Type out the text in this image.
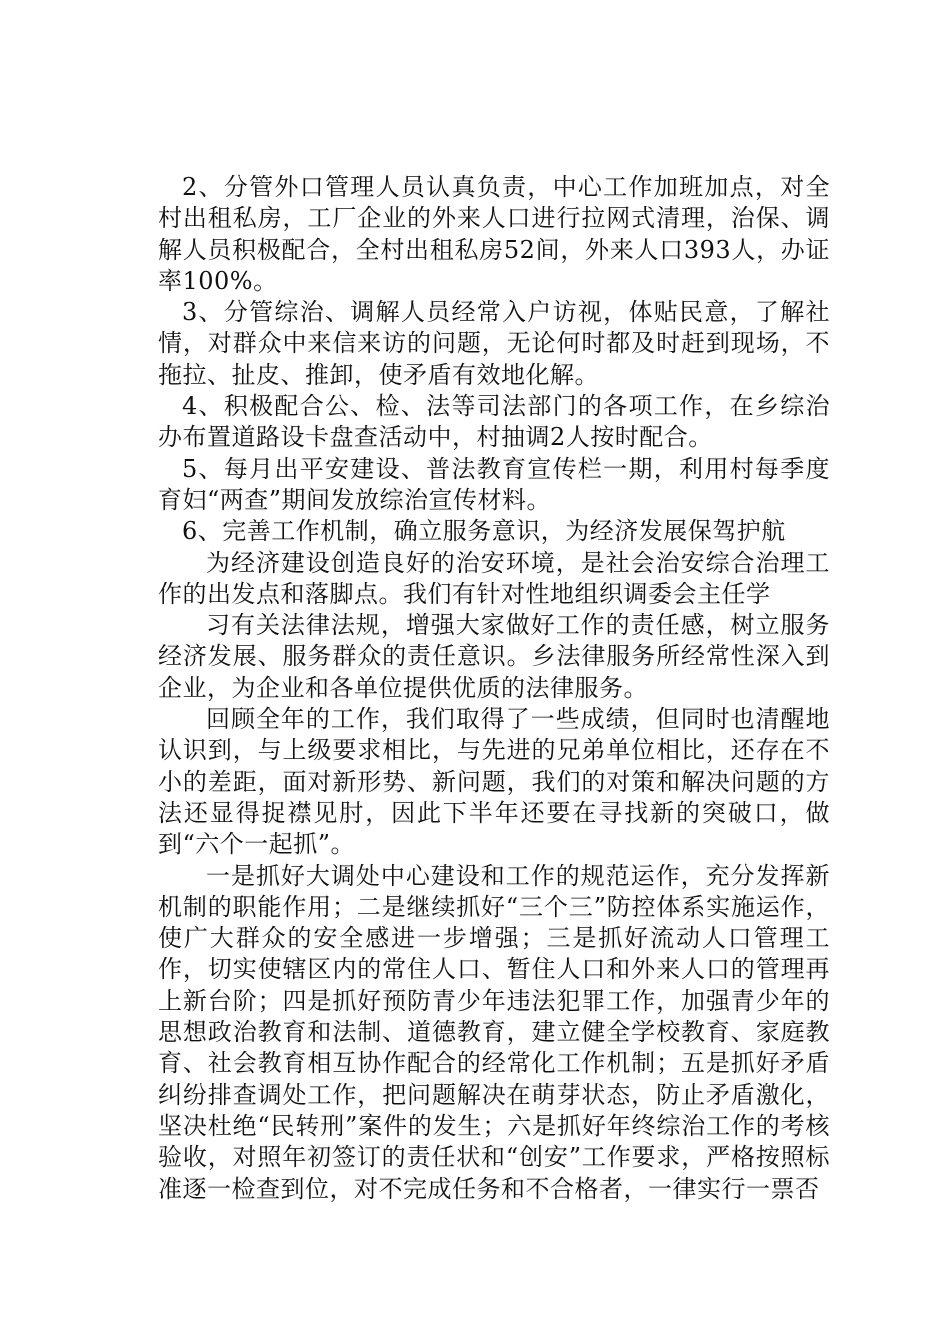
2、分管外口管理人员认真负责，中心工作加班加点，对全村出租私房，工厂企业的外来人口进行拉网式清理，治保、调解人员积极配合，全村出租私房52间，外来人口393人，办证率100%。

3、分管综治、调解人员经常入户访视，体贴民意，了解社情，对群众中来信来访的问题，无论何时都及时赶到现场，不拖拉、扯皮、推卸，使矛盾有效地化解。

4、积极配合公、检、法等司法部门的各项工作，在乡综治办布置道路设卡盘查活动中，村抽调2人按时配合。

5、每月出平安建设、普法教育宣传栏一期，利用村每季度育妇“两查”期间发放综治宣传材料。

6、完善工作机制，确立服务意识，为经济发展保驾护航

为经济建设创造良好的治安环境，是社会治安综合治理工作的出发点和落脚点。我们有针对性地组织调委会主任学

习有关法律法规，增强大家做好工作的责任感，树立服务经济发展、服务群众的责任意识。乡法律服务所经常性深入到企业，为企业和各单位提供优质的法律服务。

回顾全年的工作，我们取得了一些成绩，但同时也清醒地认识到，与上级要求相比，与先进的兄弟单位相比，还存在不小的差距，面对新形势、新问题，我们的对策和解决问题的方法还显得捉襟见肘，因此下半年还要在寻找新的突破口，做到“六个一起抓”。

一是抓好大调处中心建设和工作的规范运作，充分发挥新机制的职能作用；二是继续抓好“三个三”防控体系实施运作，使广大群众的安全感进一步增强；三是抓好流动人口管理工作，切实使辖区内的常住人口、暂住人口和外来人口的管理再上新台阶；四是抓好预防青少年违法犯罪工作，加强青少年的思想政治教育和法制、道德教育，建立健全学校教育、家庭教育、社会教育相互协作配合的经常化工作机制；五是抓好矛盾纠纷排查调处工作，把问题解决在萌芽状态，防止矛盾激化，坚决杜绝“民转刑”案件的发生；六是抓好年终综治工作的考核验收，对照年初签订的责任状和“创安”工作要求，严格按照标准逐一检查到位，对不完成任务和不合格者，一律实行一票否
